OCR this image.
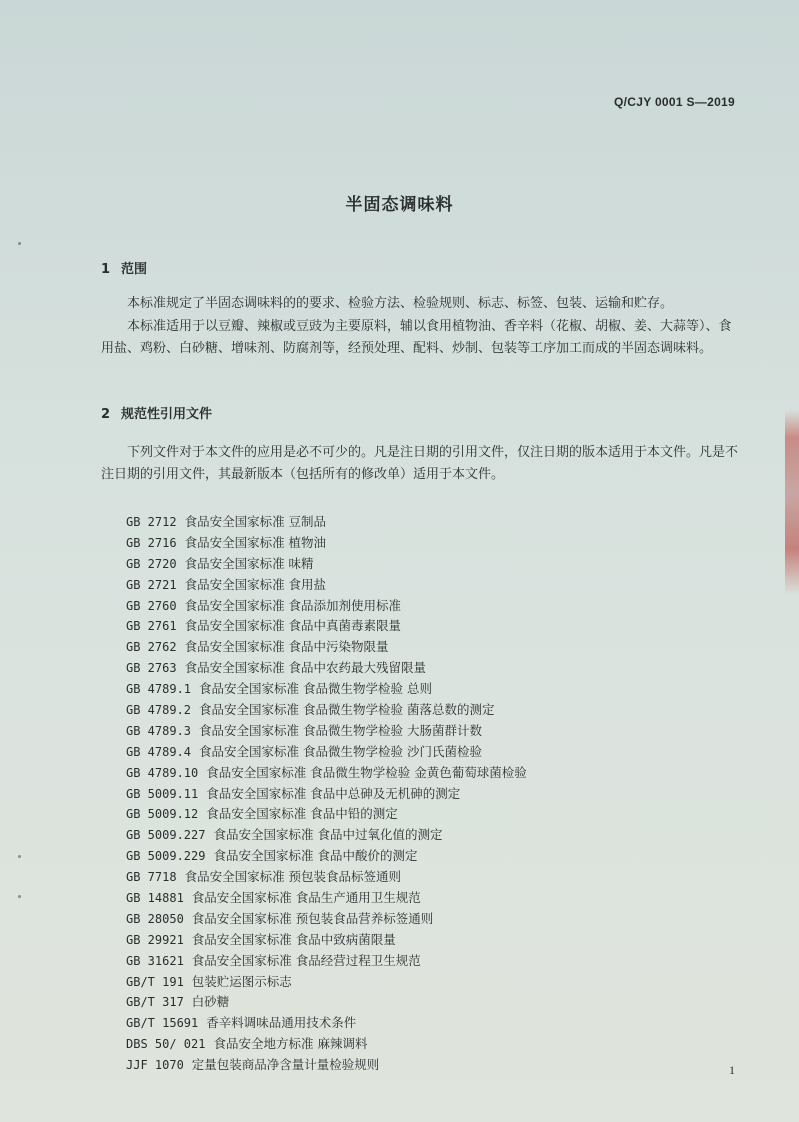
Q/CJY 0001 S—2019
半固态调味料
1 范围
本标准规定了半固态调味料的的要求、检验方法、检验规则、标志、标签、包装、运输和贮存。
本标准适用于以豆瓣、辣椒或豆豉为主要原料，辅以食用植物油、香辛料（花椒、胡椒、姜、大蒜等）、食用盐、鸡粉、白砂糖、增味剂、防腐剂等，经预处理、配料、炒制、包装等工序加工而成的半固态调味料。
2 规范性引用文件
下列文件对于本文件的应用是必不可少的。凡是注日期的引用文件，仅注日期的版本适用于本文件。凡是不注日期的引用文件，其最新版本（包括所有的修改单）适用于本文件。
GB 2712 食品安全国家标准 豆制品
GB 2716 食品安全国家标准 植物油
GB 2720 食品安全国家标准 味精
GB 2721 食品安全国家标准 食用盐
GB 2760 食品安全国家标准 食品添加剂使用标准
GB 2761 食品安全国家标准 食品中真菌毒素限量
GB 2762 食品安全国家标准 食品中污染物限量
GB 2763 食品安全国家标准 食品中农药最大残留限量
GB 4789.1 食品安全国家标准 食品微生物学检验 总则
GB 4789.2 食品安全国家标准 食品微生物学检验 菌落总数的测定
GB 4789.3 食品安全国家标准 食品微生物学检验 大肠菌群计数
GB 4789.4 食品安全国家标准 食品微生物学检验 沙门氏菌检验
GB 4789.10 食品安全国家标准 食品微生物学检验 金黄色葡萄球菌检验
GB 5009.11 食品安全国家标准 食品中总砷及无机砷的测定
GB 5009.12 食品安全国家标准 食品中铅的测定
GB 5009.227 食品安全国家标准 食品中过氧化值的测定
GB 5009.229 食品安全国家标准 食品中酸价的测定
GB 7718 食品安全国家标准 预包装食品标签通则
GB 14881 食品安全国家标准 食品生产通用卫生规范
GB 28050 食品安全国家标准 预包装食品营养标签通则
GB 29921 食品安全国家标准 食品中致病菌限量
GB 31621 食品安全国家标准 食品经营过程卫生规范
GB/T 191 包装贮运图示标志
GB/T 317 白砂糖
GB/T 15691 香辛料调味品通用技术条件
DBS 50/ 021 食品安全地方标准 麻辣调料
JJF 1070 定量包装商品净含量计量检验规则	1
